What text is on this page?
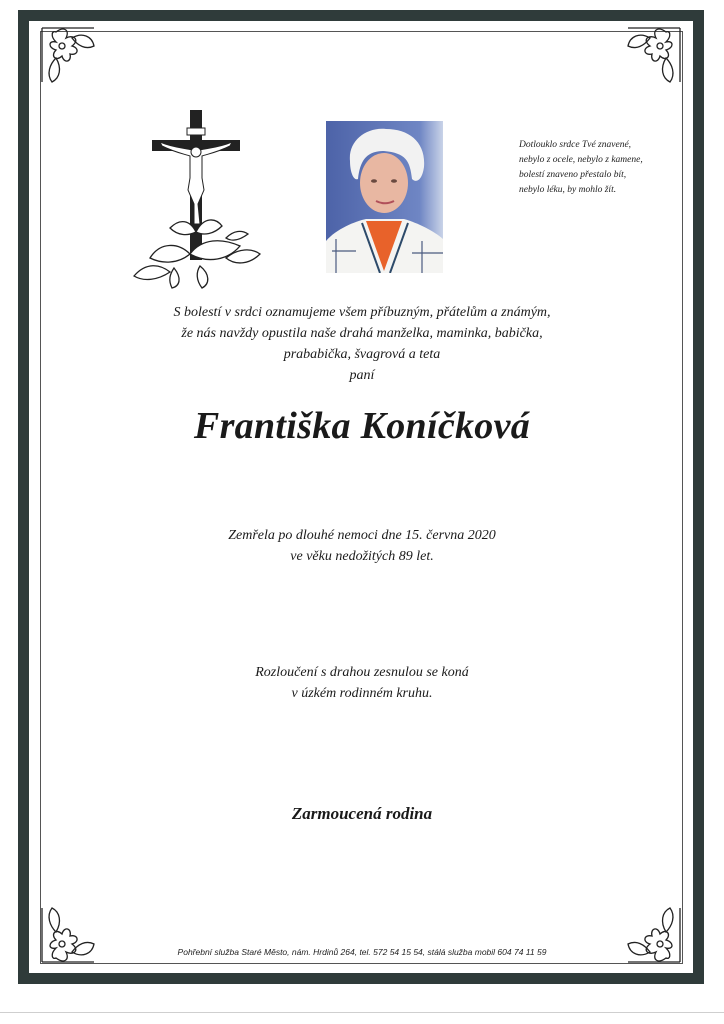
Dotlouklo srdce Tvé znavené,
nebylo z ocele, nebylo z kamene,
bolestí znaveno přestalo bít,
nebylo léku, by mohlo žít.
S bolestí v srdci oznamujeme všem příbuzným, přátelům a známým,
že nás navždy opustila naše drahá manželka, maminka, babička,
prababička, švagrová a teta
paní
Františka Koníčková
Zemřela po dlouhé nemoci dne 15. června 2020
ve věku nedožitých 89 let.
Rozloučení s drahou zesnulou se koná
v úzkém rodinném kruhu.
Zarmoucená rodina
Pohřební služba Staré Město, nám. Hrdinů 264, tel. 572 54 15 54, stálá služba mobil 604 74 11 59
